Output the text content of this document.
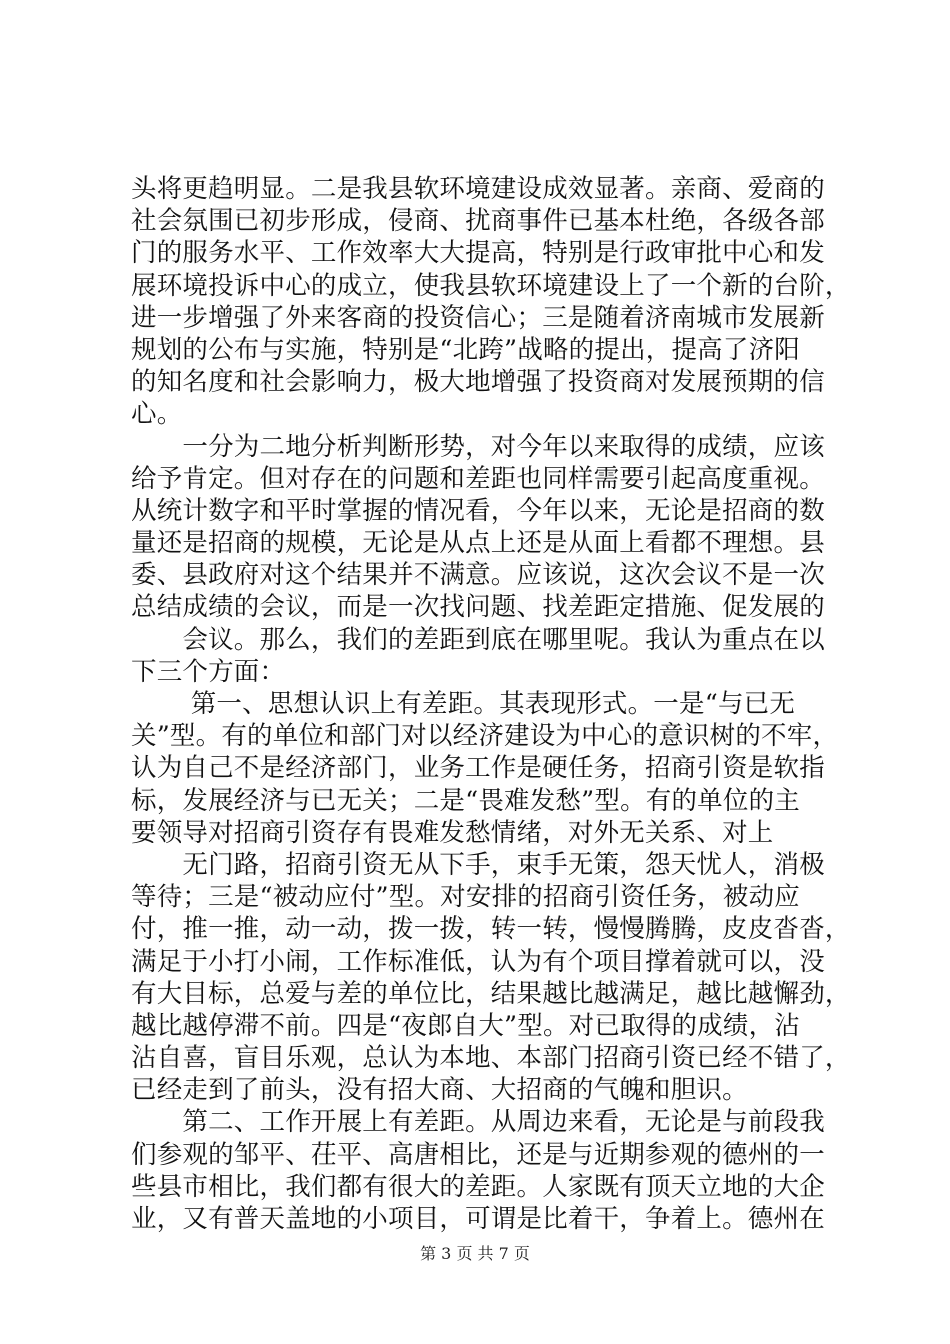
头将更趋明显。二是我县软环境建设成效显著。亲商、爱商的
社会氛围已初步形成，侵商、扰商事件已基本杜绝，各级各部
门的服务水平、工作效率大大提高，特别是行政审批中心和发
展环境投诉中心的成立，使我县软环境建设上了一个新的台阶，
进一步增强了外来客商的投资信心；三是随着济南城市发展新
规划的公布与实施，特别是“北跨”战略的提出，提高了济阳
的知名度和社会影响力，极大地增强了投资商对发展预期的信
心。
　　一分为二地分析判断形势，对今年以来取得的成绩，应该
给予肯定。但对存在的问题和差距也同样需要引起高度重视。
从统计数字和平时掌握的情况看，今年以来，无论是招商的数
量还是招商的规模，无论是从点上还是从面上看都不理想。县
委、县政府对这个结果并不满意。应该说，这次会议不是一次
总结成绩的会议，而是一次找问题、找差距定措施、促发展的
　　会议。那么，我们的差距到底在哪里呢。我认为重点在以
下三个方面：
　　 第一、思想认识上有差距。其表现形式。一是“与已无
关”型。有的单位和部门对以经济建设为中心的意识树的不牢，
认为自己不是经济部门，业务工作是硬任务，招商引资是软指
标，发展经济与已无关；二是“畏难发愁”型。有的单位的主
要领导对招商引资存有畏难发愁情绪，对外无关系、对上
　　无门路，招商引资无从下手，束手无策，怨天忧人，消极
等待；三是“被动应付”型。对安排的招商引资任务，被动应
付，推一推，动一动，拨一拨，转一转，慢慢腾腾，皮皮沓沓，
满足于小打小闹，工作标准低，认为有个项目撑着就可以，没
有大目标，总爱与差的单位比，结果越比越满足，越比越懈劲，
越比越停滞不前。四是“夜郎自大”型。对已取得的成绩，沾
沾自喜，盲目乐观，总认为本地、本部门招商引资已经不错了，
已经走到了前头，没有招大商、大招商的气魄和胆识。
　　第二、工作开展上有差距。从周边来看，无论是与前段我
们参观的邹平、茌平、高唐相比，还是与近期参观的德州的一
些县市相比，我们都有很大的差距。人家既有顶天立地的大企
业，又有普天盖地的小项目，可谓是比着干，争着上。德州在
第 3 页 共 7 页
